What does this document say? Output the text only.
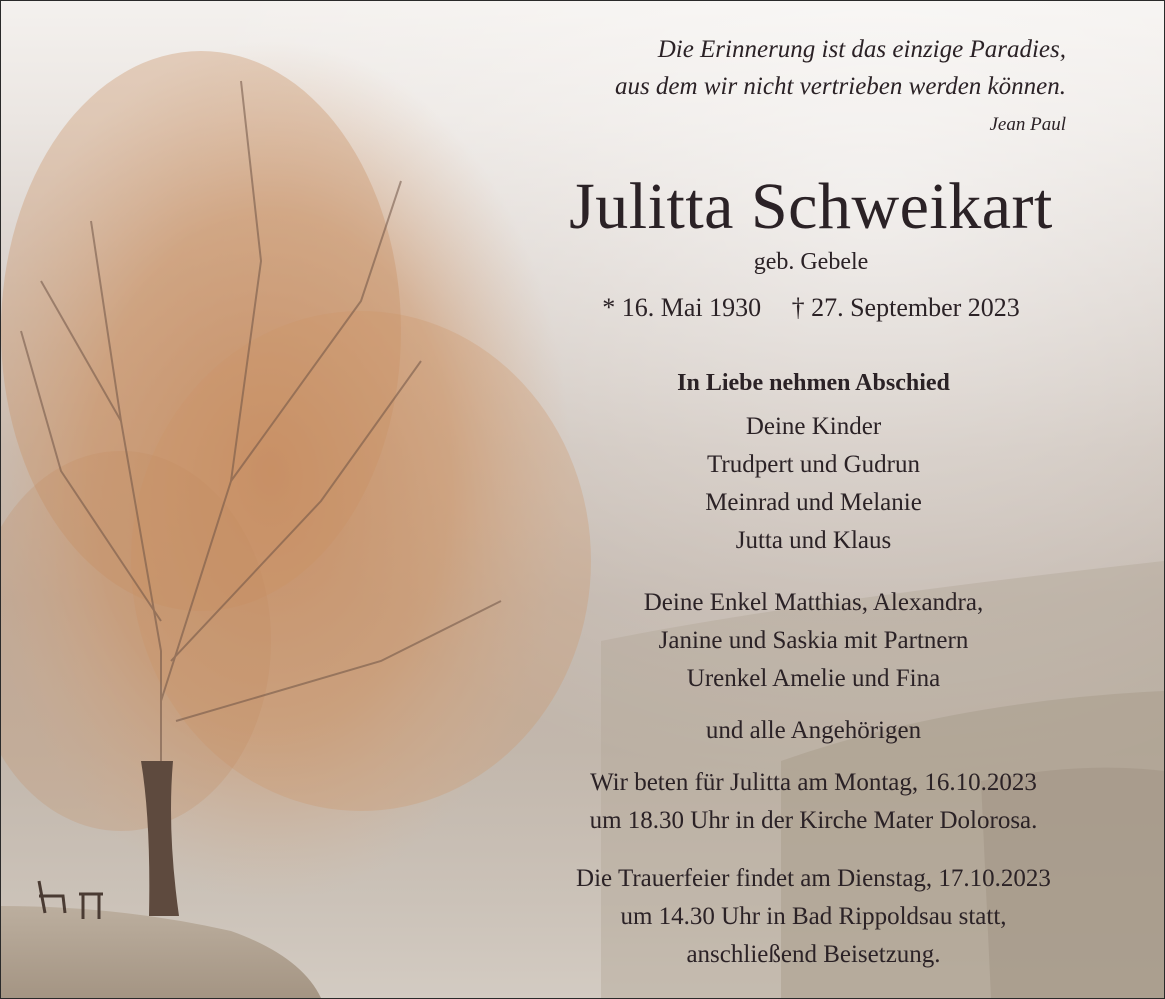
Die Erinnerung ist das einzige Paradies,
aus dem wir nicht vertrieben werden können.
Jean Paul
Julitta Schweikart
geb. Gebele
* 16. Mai 1930 † 27. September 2023
In Liebe nehmen Abschied
Deine Kinder
Trudpert und Gudrun
Meinrad und Melanie
Jutta und Klaus
Deine Enkel Matthias, Alexandra,
Janine und Saskia mit Partnern
Urenkel Amelie und Fina
und alle Angehörigen
Wir beten für Julitta am Montag, 16.10.2023
um 18.30 Uhr in der Kirche Mater Dolorosa.
Die Trauerfeier findet am Dienstag, 17.10.2023
um 14.30 Uhr in Bad Rippoldsau statt,
anschließend Beisetzung.
